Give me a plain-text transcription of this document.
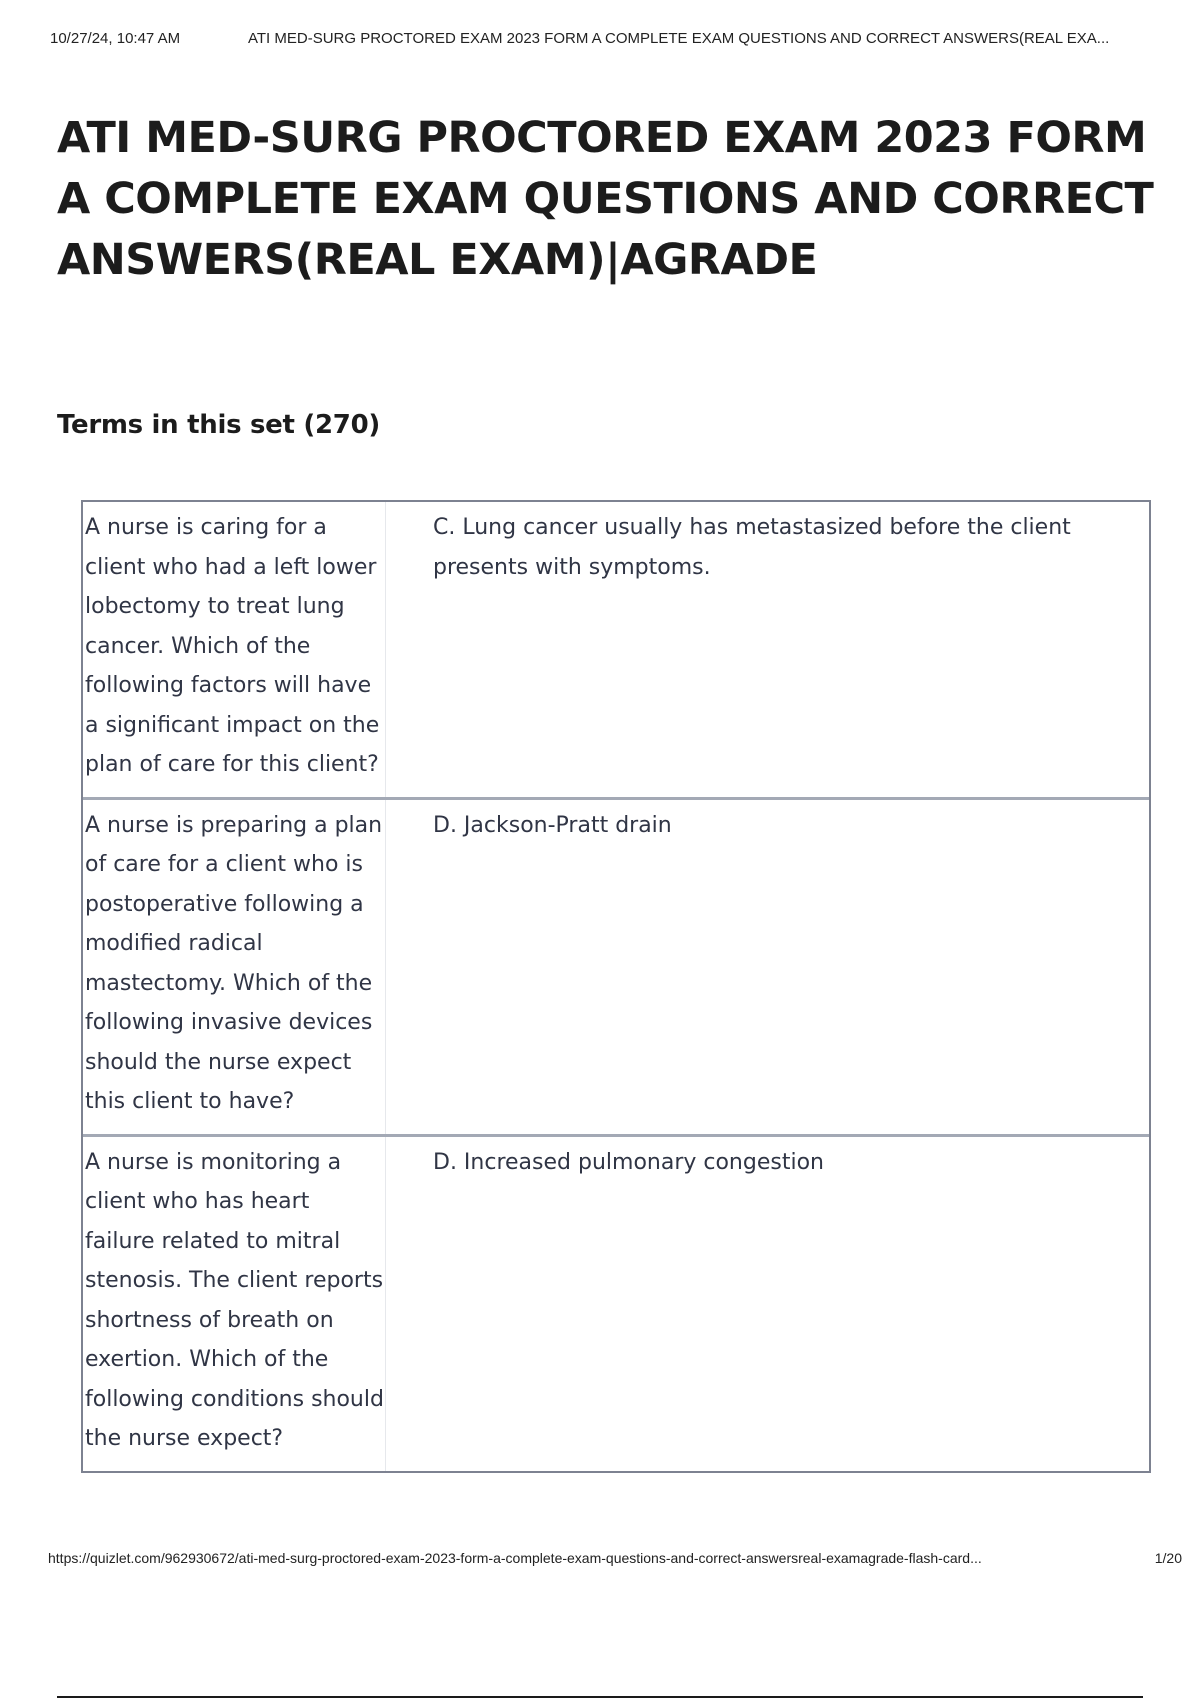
10/27/24, 10:47 AM	ATI MED-SURG PROCTORED EXAM 2023 FORM A COMPLETE EXAM QUESTIONS AND CORRECT ANSWERS(REAL EXA...
ATI MED-SURG PROCTORED EXAM 2023 FORM A COMPLETE EXAM QUESTIONS AND CORRECT ANSWERS(REAL EXAM)|AGRADE
Terms in this set (270)
A nurse is caring for a client who had a left lower lobectomy to treat lung cancer. Which of the following factors will have a significant impact on the plan of care for this client?
C. Lung cancer usually has metastasized before the client presents with symptoms.
A nurse is preparing a plan of care for a client who is postoperative following a modified radical mastectomy. Which of the following invasive devices should the nurse expect this client to have?
D. Jackson-Pratt drain
A nurse is monitoring a client who has heart failure related to mitral stenosis. The client reports shortness of breath on exertion. Which of the following conditions should the nurse expect?
D. Increased pulmonary congestion
https://quizlet.com/962930672/ati-med-surg-proctored-exam-2023-form-a-complete-exam-questions-and-correct-answersreal-examagrade-flash-card...	1/20
